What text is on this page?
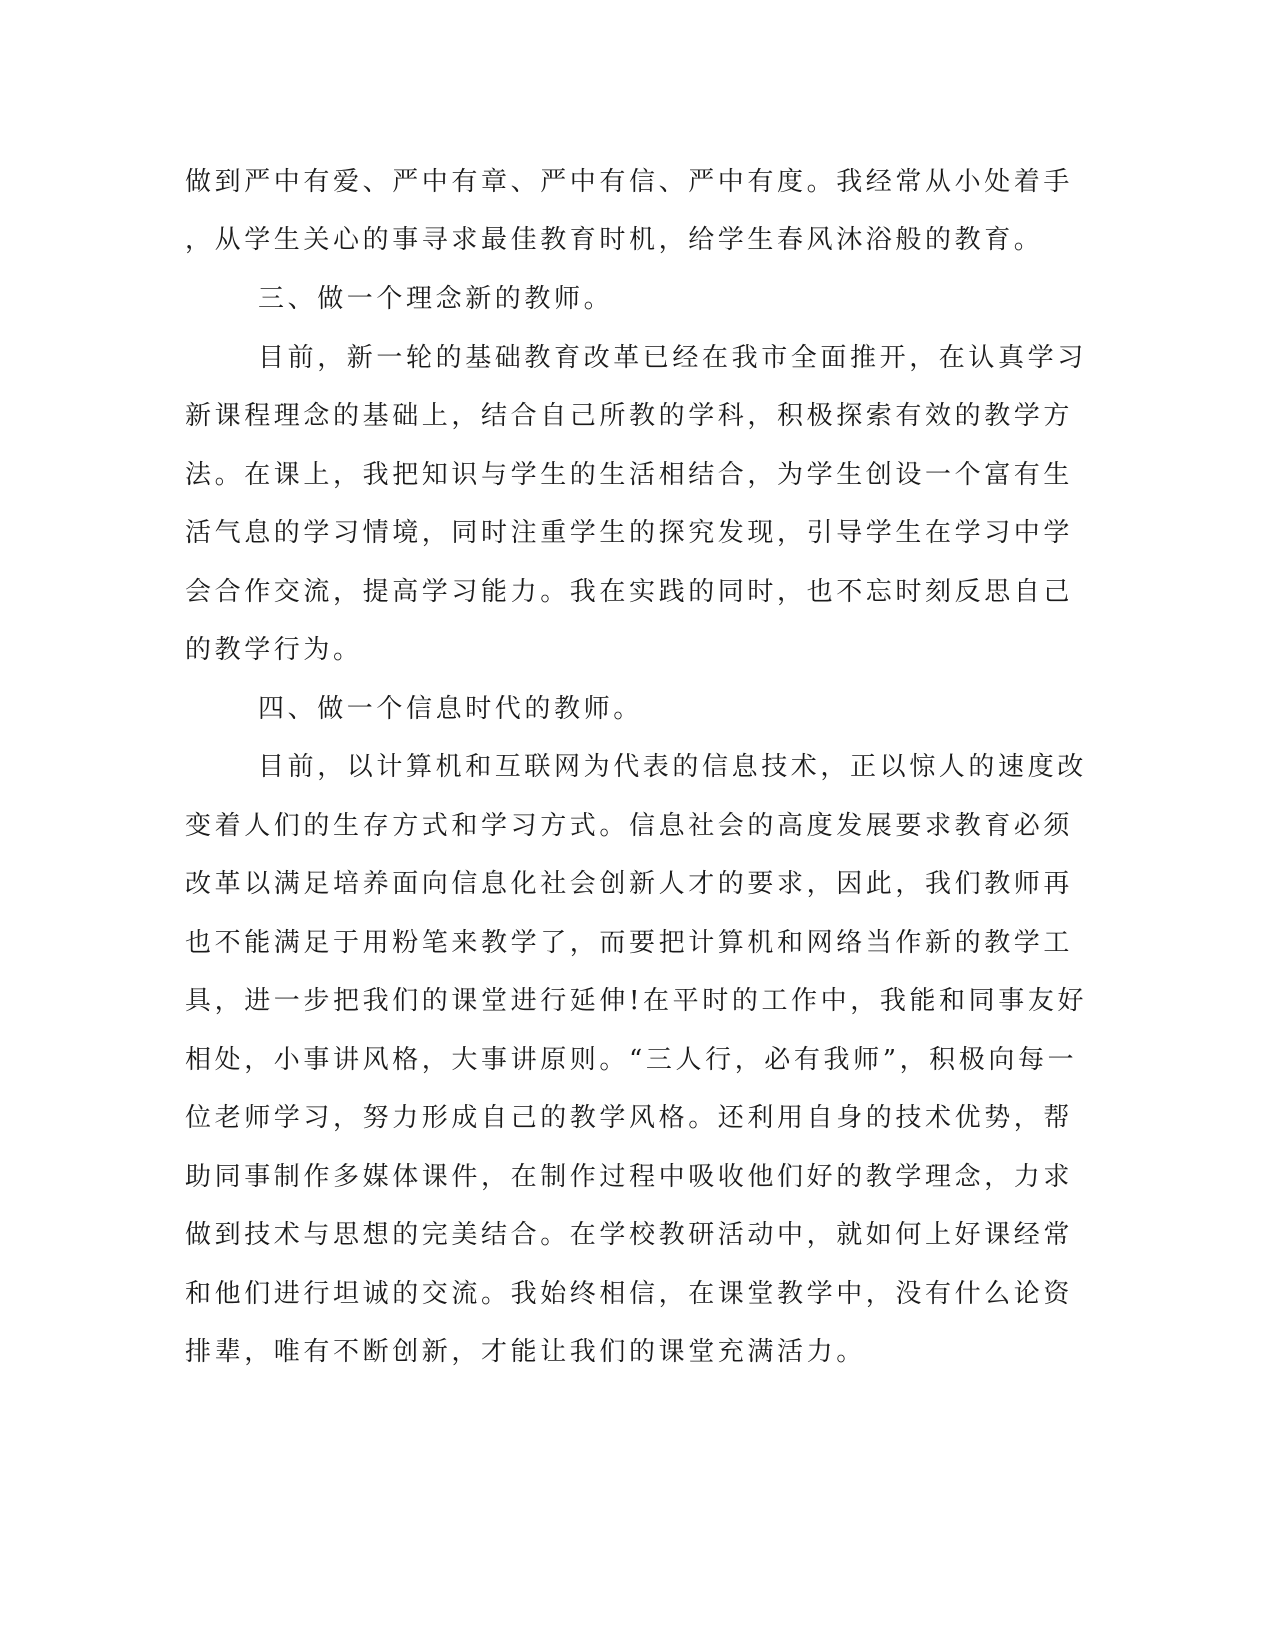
做到严中有爱、严中有章、严中有信、严中有度。我经常从小处着手
，从学生关心的事寻求最佳教育时机，给学生春风沐浴般的教育。
三、做一个理念新的教师。
目前，新一轮的基础教育改革已经在我市全面推开，在认真学习
新课程理念的基础上，结合自己所教的学科，积极探索有效的教学方
法。在课上，我把知识与学生的生活相结合，为学生创设一个富有生
活气息的学习情境，同时注重学生的探究发现，引导学生在学习中学
会合作交流，提高学习能力。我在实践的同时，也不忘时刻反思自己
的教学行为。
四、做一个信息时代的教师。
目前，以计算机和互联网为代表的信息技术，正以惊人的速度改
变着人们的生存方式和学习方式。信息社会的高度发展要求教育必须
改革以满足培养面向信息化社会创新人才的要求，因此，我们教师再
也不能满足于用粉笔来教学了，而要把计算机和网络当作新的教学工
具，进一步把我们的课堂进行延伸!在平时的工作中，我能和同事友好
相处，小事讲风格，大事讲原则。“三人行，必有我师”，积极向每一
位老师学习，努力形成自己的教学风格。还利用自身的技术优势，帮
助同事制作多媒体课件，在制作过程中吸收他们好的教学理念，力求
做到技术与思想的完美结合。在学校教研活动中，就如何上好课经常
和他们进行坦诚的交流。我始终相信，在课堂教学中，没有什么论资
排辈，唯有不断创新，才能让我们的课堂充满活力。
